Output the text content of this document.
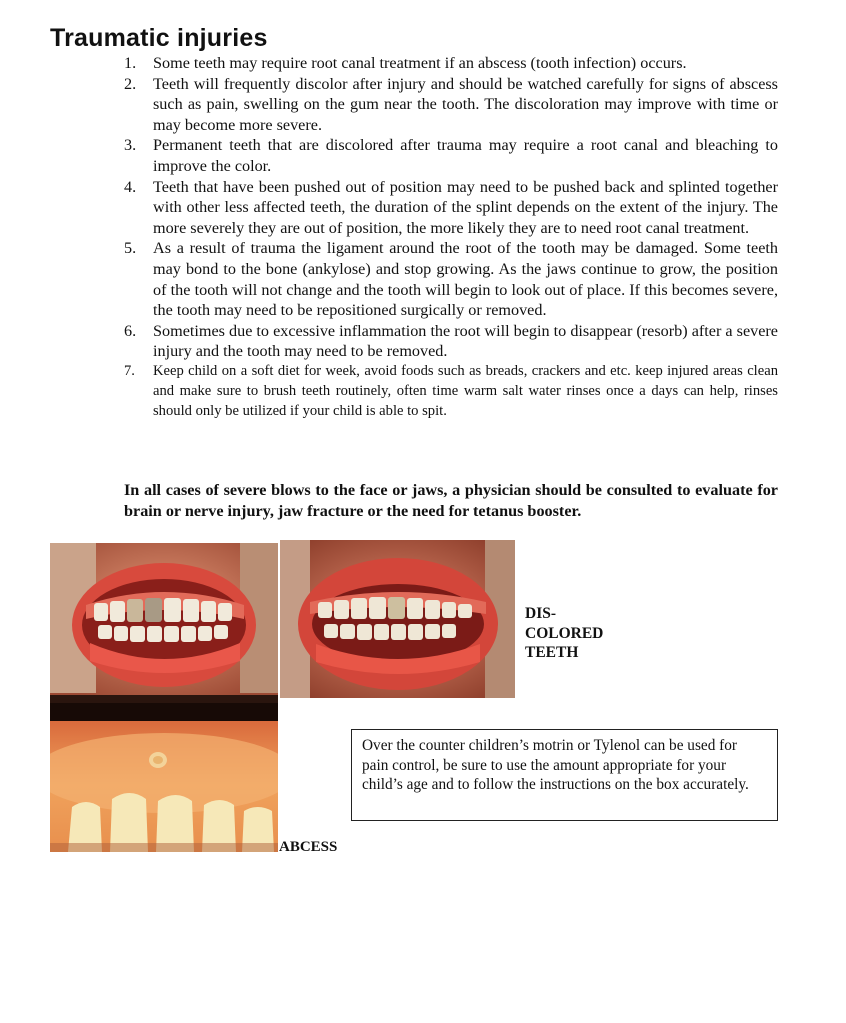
Traumatic injuries
1. Some teeth may require root canal treatment if an abscess (tooth infection) occurs.
2. Teeth will frequently discolor after injury and should be watched carefully for signs of abscess such as pain, swelling on the gum near the tooth. The discoloration may improve with time or may become more severe.
3. Permanent teeth that are discolored after trauma may require a root canal and bleaching to improve the color.
4. Teeth that have been pushed out of position may need to be pushed back and splinted together with other less affected teeth, the duration of the splint depends on the extent of the injury. The more severely they are out of position, the more likely they are to need root canal treatment.
5. As a result of trauma the ligament around the root of the tooth may be damaged. Some teeth may bond to the bone (ankylose) and stop growing. As the jaws continue to grow, the position of the tooth will not change and the tooth will begin to look out of place. If this becomes severe, the tooth may need to be repositioned surgically or removed.
6. Sometimes due to excessive inflammation the root will begin to disappear (resorb) after a severe injury and the tooth may need to be removed.
7. Keep child on a soft diet for week, avoid foods such as breads, crackers and etc. keep injured areas clean and make sure to brush teeth routinely, often time warm salt water rinses once a days can help, rinses should only be utilized if your child is able to spit.
In all cases of severe blows to the face or jaws, a physician should be consulted to evaluate for brain or nerve injury, jaw fracture or the need for tetanus booster.
DIS-
COLORED
TEETH
ABCESS
Over the counter children’s motrin or Tylenol can be used for pain control, be sure to use the amount appropriate for your child’s age and to follow the instructions on the box accurately.
